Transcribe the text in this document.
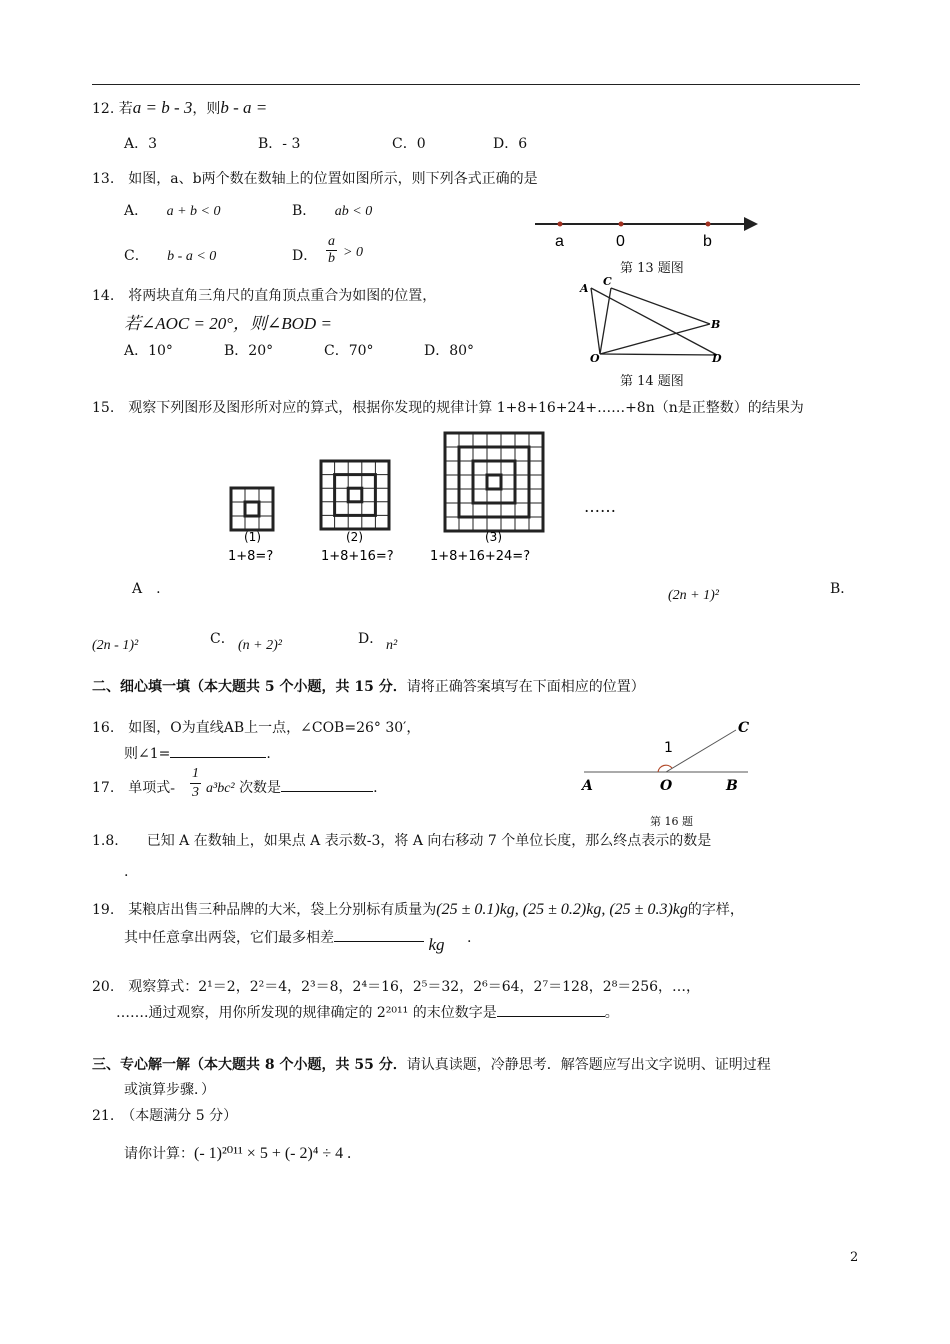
12. 若a = b - 3，则b - a =
A．3	B．- 3	C．0	D．6
13.　如图，a、b两个数在数轴上的位置如图所示，则下列各式正确的是
A． a + b < 0	B． ab < 0
C． b - a < 0	D．
a
b > 0
a	0	b
第 13 题图
14.　将两块直角三角尺的直角顶点重合为如图的位置，
若∠AOC = 20°，则∠BOD =
A．10°	B．20°	C．70°	D．80°
A
C
B
O	D
第 14 题图
15.　观察下列图形及图形所对应的算式，根据你发现的规律计算 1+8+16+24+……+8n（n是正整数）的结果为
(1)	(2)	(3)
1+8=?	1+8+16=?	1+8+16+24=?
……
A　.	(2n + 1)²	B．
(2n - 1)²	C． (n + 2)²	D． n²
二、细心填一填（本大题共 5 个小题，共 15 分．请将正确答案填写在下面相应的位置）
16.　如图，O为直线AB上一点，∠COB=26° 30′，
则∠1=	.
C
A	O	B
1
第 16 题
17.　单项式-
1
3 a³bc² 次数是	.
1.8.　　已知 A 在数轴上，如果点 A 表示数-3，将 A 向右移动 7 个单位长度，那么终点表示的数是
.
19.　某粮店出售三种品牌的大米，袋上分别标有质量为(25 ± 0.1)kg, (25 ± 0.2)kg, (25 ± 0.3)kg的字样，
其中任意拿出两袋，它们最多相差	kg .
20.　观察算式：2¹＝2，2²＝4，2³＝8，2⁴＝16，2⁵＝32，2⁶＝64，2⁷＝128，2⁸＝256，…，
…….通过观察，用你所发现的规律确定的 2²⁰¹¹ 的末位数字是	。
三、专心解一解（本大题共 8 个小题，共 55 分．请认真读题，冷静思考．解答题应写出文字说明、证明过程
或演算步骤．）
21.　（本题满分 5 分）
请你计算：(- 1)²⁰¹¹ × 5 + (- 2)⁴ ÷ 4 .
2
